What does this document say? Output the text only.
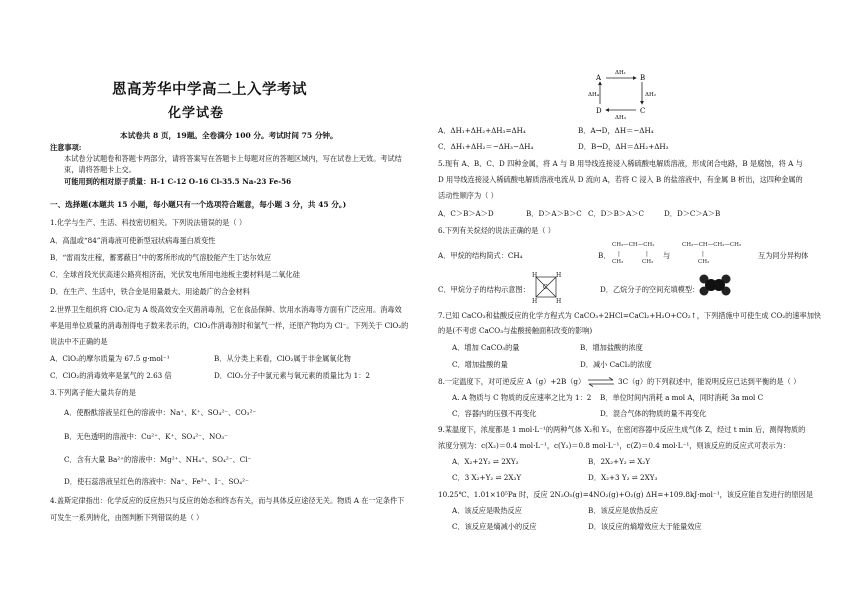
恩高芳华中学高二上入学考试
化学试卷
本试卷共 8 页，19题。全卷满分 100 分。考试时间 75 分钟。
注意事项:
本试卷分试题卷和答题卡两部分，请将答案写在答题卡上每题对应的答题区域内，写在试卷上无效。考试结
束，请将答题卡上交。
可能用到的相对原子质量：H-1 C-12 O-16 Cl-35.5 Na-23 Fe-56
一、选择题(本题共 15 小题，每小题只有一个选项符合题意，每小题 3 分，共 45 分。)
1.化学与生产、生活、科技密切相关。下列说法错误的是（ ）
A．高温或“84”消毒液可使新型冠状病毒蛋白质变性
B．“雷雨发庄稼，蓄雾蔽日”中的雾所形成的气溶胶能产生丁达尔效应
C．全球首段光伏高速公路亮相济南，光伏发电所用电池板主要材料是二氧化硅
D．在生产、生活中，铁合金是用量最大、用途最广的合金材料
2.世界卫生组织将 ClO₂定为 A 级高效安全灭菌消毒剂，它在食品保鲜、饮用水消毒等方面有广泛应用。消毒效
率是用单位质量的消毒剂得电子数来表示的，ClO₂作消毒剂时和氯气一样，还原产物均为 Cl⁻。下列关于 ClO₂的
说法中不正确的是
A．ClO₂的摩尔质量为 67.5 g·mol⁻¹	B．从分类上来看，ClO₂属于非金属氧化物
C．ClO₂的消毒效率是氯气的 2.63 倍	D．ClO₂分子中氯元素与氧元素的质量比为 1：2
3.下列离子能大量共存的是
A．使酚酞溶液呈红色的溶液中：Na⁺、K⁺、SO₄²⁻、CO₃²⁻
B．无色透明的溶液中：Cu²⁺、K⁺、SO₄²⁻、NO₃⁻
C．含有大量 Ba²⁺的溶液中：Mg²⁺、NH₄⁺、SO₄²⁻、Cl⁻
D．使石蕊溶液呈红色的溶液中：Na⁺、Fe³⁺、I⁻、SO₄²⁻
4.盖斯定律指出：化学反应的反应热只与反应的始态和终态有关，而与具体反应途径无关。物质 A 在一定条件下
可发生一系列转化，由图判断下列错误的是（ ）
A	B
C
D
ΔH₁
ΔH₂
ΔH₃
ΔH₄
A．ΔH₁+ΔH₂+ΔH₃=ΔH₄	B．A→D，ΔH＝−ΔH₄
C．ΔH₁+ΔH₂＝−ΔH₃−ΔH₄	D．B→D，ΔH＝ΔH₂+ΔH₃
5.现有 A、B、C、D 四种金属，将 A 与 B 用导线连接浸入稀硫酸电解质溶液，形成闭合电路，B 是腐蚀，将 A 与
D 用导线连接浸入稀硫酸电解质溶液电流从 D 流向 A，若将 C 浸入 B 的盐溶液中，有金属 B 析出，这四种金属的
活动性顺序为（ ）
A．C＞B＞A＞D	B．D＞A＞B＞C C．D＞B＞A＞C	D．D＞C＞A＞B
6.下列有关烷烃的说法正确的是（ ）
A．甲烷的结构简式：CH₄	B．
CH₃—CH—CH₂
|
CH₃
|
CH₃
CH₃—CH—CH₂—CH₃
|
CH₃
与	互为同分异构体
C．甲烷分子的结构示意图：
H	H
C
H	H
D．乙烷分子的空间充填模型：
7.已知 CaCO₃和盐酸反应的化学方程式为 CaCO₃+2HCl=CaCl₂+H₂O+CO₂↑，下列措施中可使生成 CO₂的速率加快
的是(不考虑 CaCO₃与盐酸接触面积改变的影响)
A．增加 CaCO₃的量	B．增加盐酸的浓度
C．增加盐酸的量	D．减小 CaCl₂的浓度
8.一定温度下，对可逆反应 A（g）+2B（g） ⇌ 3C（g）的下列叙述中，能说明反应已达到平衡的是（ ）
A. A 物质与 C 物质的反应速率之比为 1：2 B．单位时间内消耗 a mol A，同时消耗 3a mol C
C．容器内的压强不再变化	D．混合气体的物质的量不再变化
9.某温度下，浓度都是 1 mol·L⁻¹的两种气体 X₂和 Y₂，在密闭容器中反应生成气体 Z，经过 t min 后，测得物质的
浓度分别为：c(X₂)＝0.4 mol·L⁻¹，c(Y₂)＝0.8 mol·L⁻¹，c(Z)＝0.4 mol·L⁻¹，则该反应的反应式可表示为：
A．X₂+2Y₂ ⇌ 2XY₂	B．2X₂+Y₂ ⇌ X₂Y
C．3 X₂+Y₂ ⇌ 2X₃Y	D．X₂+3 Y₂ ⇌ 2XY₃
10.25℃、1.01×10⁵Pa 时，反应 2N₂O₅(g)=4NO₂(g)+O₂(g) ΔH=+109.8kJ·mol⁻¹，该反应能自发进行的原因是
A．该反应是吸热反应	B．该反应是放热反应
C．该反应是熵减小的反应	D．该反应的熵增效应大于能量效应
